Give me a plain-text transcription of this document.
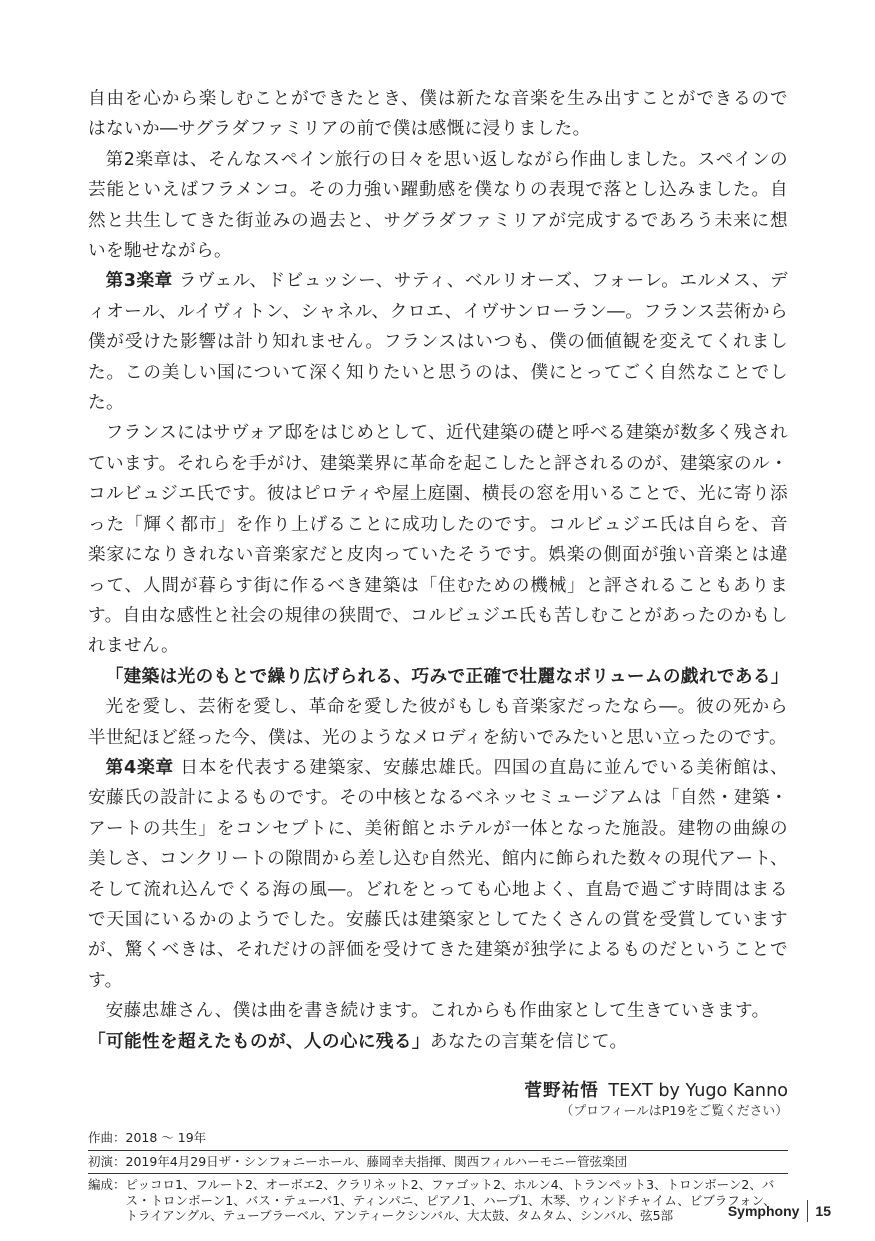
自由を心から楽しむことができたとき、僕は新たな音楽を生み出すことができるのではないか―サグラダファミリアの前で僕は感慨に浸りました。

第2楽章は、そんなスペイン旅行の日々を思い返しながら作曲しました。スペインの芸能といえばフラメンコ。その力強い躍動感を僕なりの表現で落とし込みました。自然と共生してきた街並みの過去と、サグラダファミリアが完成するであろう未来に想いを馳せながら。

第3楽章 ラヴェル、ドビュッシー、サティ、ベルリオーズ、フォーレ。エルメス、ディオール、ルイヴィトン、シャネル、クロエ、イヴサンローラン―。フランス芸術から僕が受けた影響は計り知れません。フランスはいつも、僕の価値観を変えてくれました。この美しい国について深く知りたいと思うのは、僕にとってごく自然なことでした。

フランスにはサヴォア邸をはじめとして、近代建築の礎と呼べる建築が数多く残されています。それらを手がけ、建築業界に革命を起こしたと評されるのが、建築家のル・コルビュジエ氏です。彼はピロティや屋上庭園、横長の窓を用いることで、光に寄り添った「輝く都市」を作り上げることに成功したのです。コルビュジエ氏は自らを、音楽家になりきれない音楽家だと皮肉っていたそうです。娯楽の側面が強い音楽とは違って、人間が暮らす街に作るべき建築は「住むための機械」と評されることもあります。自由な感性と社会の規律の狭間で、コルビュジエ氏も苦しむことがあったのかもしれません。

「建築は光のもとで繰り広げられる、巧みで正確で壮麗なボリュームの戯れである」

光を愛し、芸術を愛し、革命を愛した彼がもしも音楽家だったなら―。彼の死から半世紀ほど経った今、僕は、光のようなメロディを紡いでみたいと思い立ったのです。

第4楽章 日本を代表する建築家、安藤忠雄氏。四国の直島に並んでいる美術館は、安藤氏の設計によるものです。その中核となるベネッセミュージアムは「自然・建築・アートの共生」をコンセプトに、美術館とホテルが一体となった施設。建物の曲線の美しさ、コンクリートの隙間から差し込む自然光、館内に飾られた数々の現代アート、そして流れ込んでくる海の風―。どれをとっても心地よく、直島で過ごす時間はまるで天国にいるかのようでした。安藤氏は建築家としてたくさんの賞を受賞していますが、驚くべきは、それだけの評価を受けてきた建築が独学によるものだということです。

安藤忠雄さん、僕は曲を書き続けます。これからも作曲家として生きていきます。

「可能性を超えたものが、人の心に残る」あなたの言葉を信じて。

菅野祐悟 TEXT by Yugo Kanno
（プロフィールはP19をご覧ください）
作曲： 2018 ～ 19年
初演： 2019年4月29日ザ・シンフォニーホール、藤岡幸夫指揮、関西フィルハーモニー管弦楽団
編成： ピッコロ1、フルート2、オーボエ2、クラリネット2、ファゴット2、ホルン4、トランペット3、トロンボーン2、バス・トロンボーン1、バス・テューバ1、ティンパニ、ピアノ1、ハープ1、木琴、ウィンドチャイム、ビブラフォン、トライアングル、テューブラーベル、アンティークシンバル、大太鼓、タムタム、シンバル、弦5部	Symphony 15
